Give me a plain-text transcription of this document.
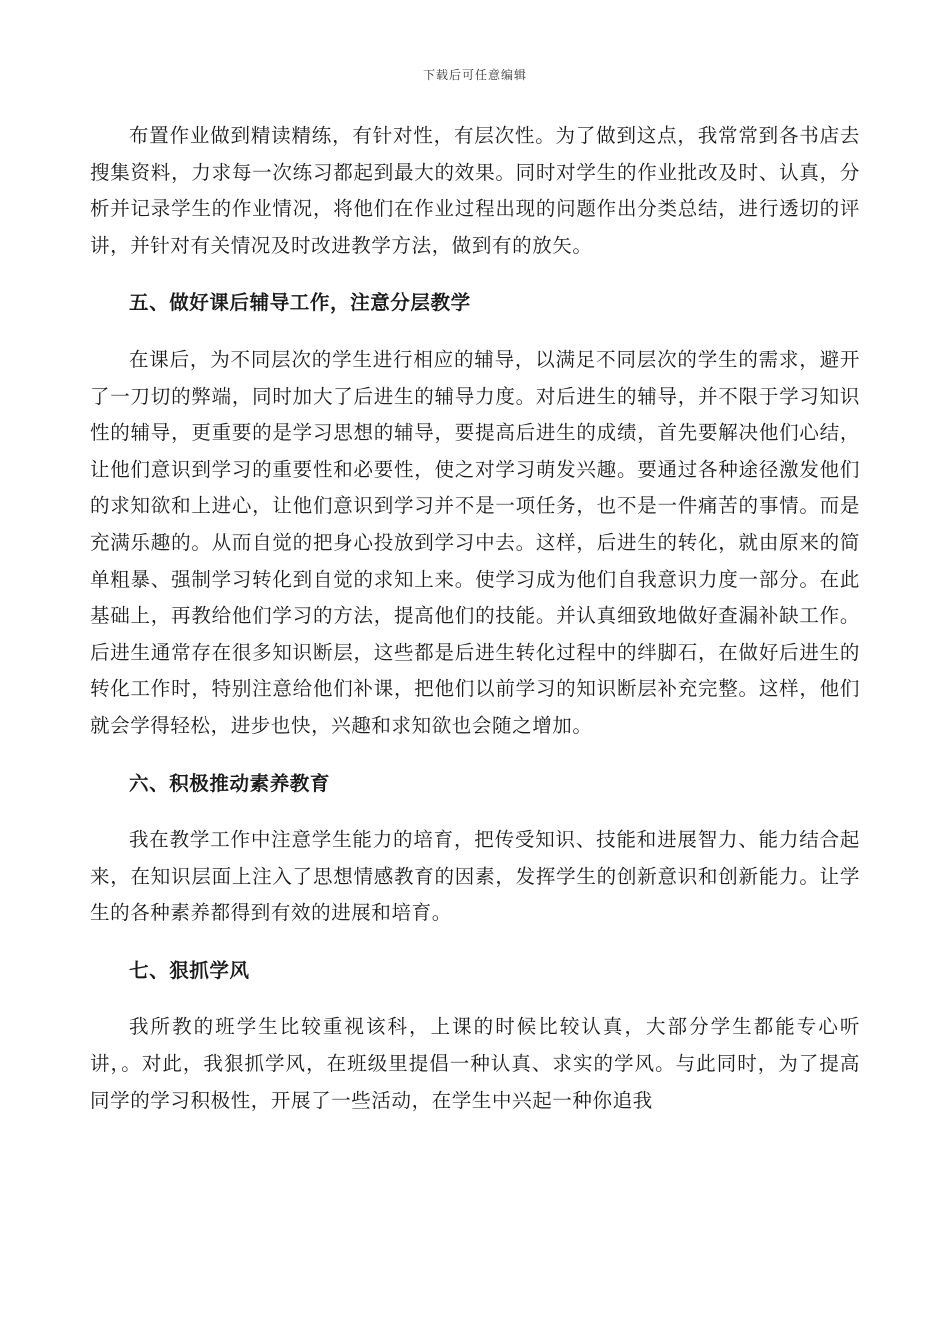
下载后可任意编辑

布置作业做到精读精练，有针对性，有层次性。为了做到这点，我常常到各书店去搜集资料，力求每一次练习都起到最大的效果。同时对学生的作业批改及时、认真，分析并记录学生的作业情况，将他们在作业过程出现的问题作出分类总结，进行透切的评讲，并针对有关情况及时改进教学方法，做到有的放矢。

五、做好课后辅导工作，注意分层教学

在课后，为不同层次的学生进行相应的辅导，以满足不同层次的学生的需求，避开了一刀切的弊端，同时加大了后进生的辅导力度。对后进生的辅导，并不限于学习知识性的辅导，更重要的是学习思想的辅导，要提高后进生的成绩，首先要解决他们心结，让他们意识到学习的重要性和必要性，使之对学习萌发兴趣。要通过各种途径激发他们的求知欲和上进心，让他们意识到学习并不是一项任务，也不是一件痛苦的事情。而是充满乐趣的。从而自觉的把身心投放到学习中去。这样，后进生的转化，就由原来的简单粗暴、强制学习转化到自觉的求知上来。使学习成为他们自我意识力度一部分。在此基础上，再教给他们学习的方法，提高他们的技能。并认真细致地做好查漏补缺工作。后进生通常存在很多知识断层，这些都是后进生转化过程中的绊脚石，在做好后进生的转化工作时，特别注意给他们补课，把他们以前学习的知识断层补充完整。这样，他们就会学得轻松，进步也快，兴趣和求知欲也会随之增加。

六、积极推动素养教育

我在教学工作中注意学生能力的培育，把传受知识、技能和进展智力、能力结合起来，在知识层面上注入了思想情感教育的因素，发挥学生的创新意识和创新能力。让学生的各种素养都得到有效的进展和培育。

七、狠抓学风

我所教的班学生比较重视该科，上课的时候比较认真，大部分学生都能专心听讲，。对此，我狠抓学风，在班级里提倡一种认真、求实的学风。与此同时，为了提高同学的学习积极性，开展了一些活动，在学生中兴起一种你追我
